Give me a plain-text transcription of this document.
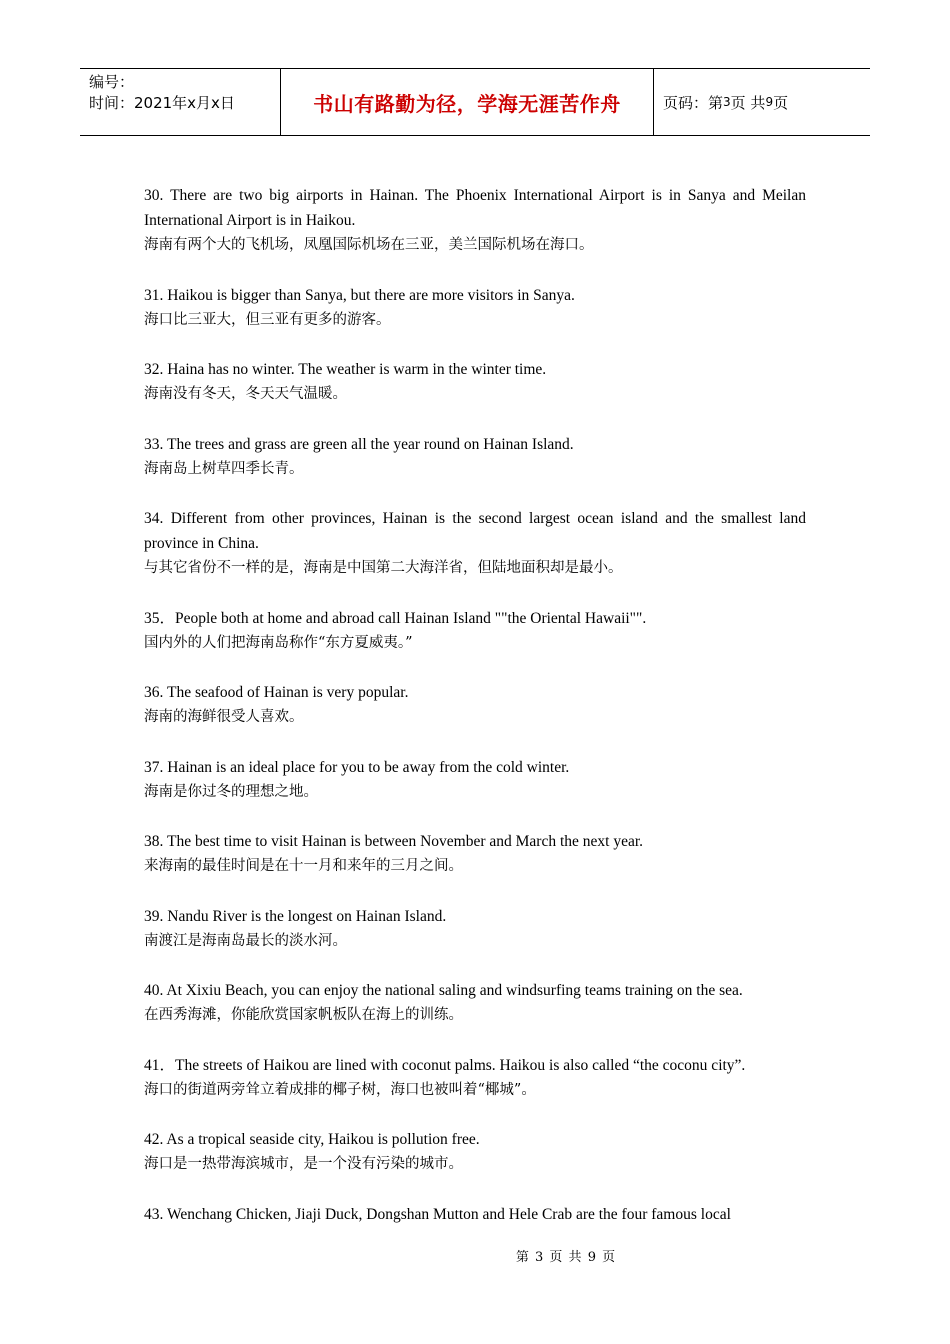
编号：
时间：2021年x月x日	书山有路勤为径，学海无涯苦作舟	页码：第 3 页 共 9 页
30. There are two big airports in Hainan. The Phoenix International Airport is in Sanya and Meilan International Airport is in Haikou.
海南有两个大的飞机场，凤凰国际机场在三亚，美兰国际机场在海口。
31. Haikou is bigger than Sanya, but there are more visitors in Sanya.
海口比三亚大，但三亚有更多的游客。
32. Haina has no winter. The weather is warm in the winter time.
海南没有冬天，冬天天气温暖。
33. The trees and grass are green all the year round on Hainan Island.
海南岛上树草四季长青。
34. Different from other provinces, Hainan is the second largest ocean island and the smallest land province in China.
与其它省份不一样的是，海南是中国第二大海洋省，但陆地面积却是最小。
35．People both at home and abroad call Hainan Island ""the Oriental Hawaii"".
国内外的人们把海南岛称作“东方夏威夷。”
36. The seafood of Hainan is very popular.
海南的海鲜很受人喜欢。
37. Hainan is an ideal place for you to be away from the cold winter.
海南是你过冬的理想之地。
38. The best time to visit Hainan is between November and March the next year.
来海南的最佳时间是在十一月和来年的三月之间。
39. Nandu River is the longest on Hainan Island.
南渡江是海南岛最长的淡水河。
40. At Xixiu Beach, you can enjoy the national saling and windsurfing teams training on the sea.
在西秀海滩，你能欣赏国家帆板队在海上的训练。
41．The streets of Haikou are lined with coconut palms. Haikou is also called “the coconu city”.
海口的街道两旁耸立着成排的椰子树，海口也被叫着“椰城”。
42. As a tropical seaside city, Haikou is pollution free.
海口是一热带海滨城市，是一个没有污染的城市。
43. Wenchang Chicken, Jiaji Duck, Dongshan Mutton and Hele Crab are the four famous local
第 3 页 共 9 页
